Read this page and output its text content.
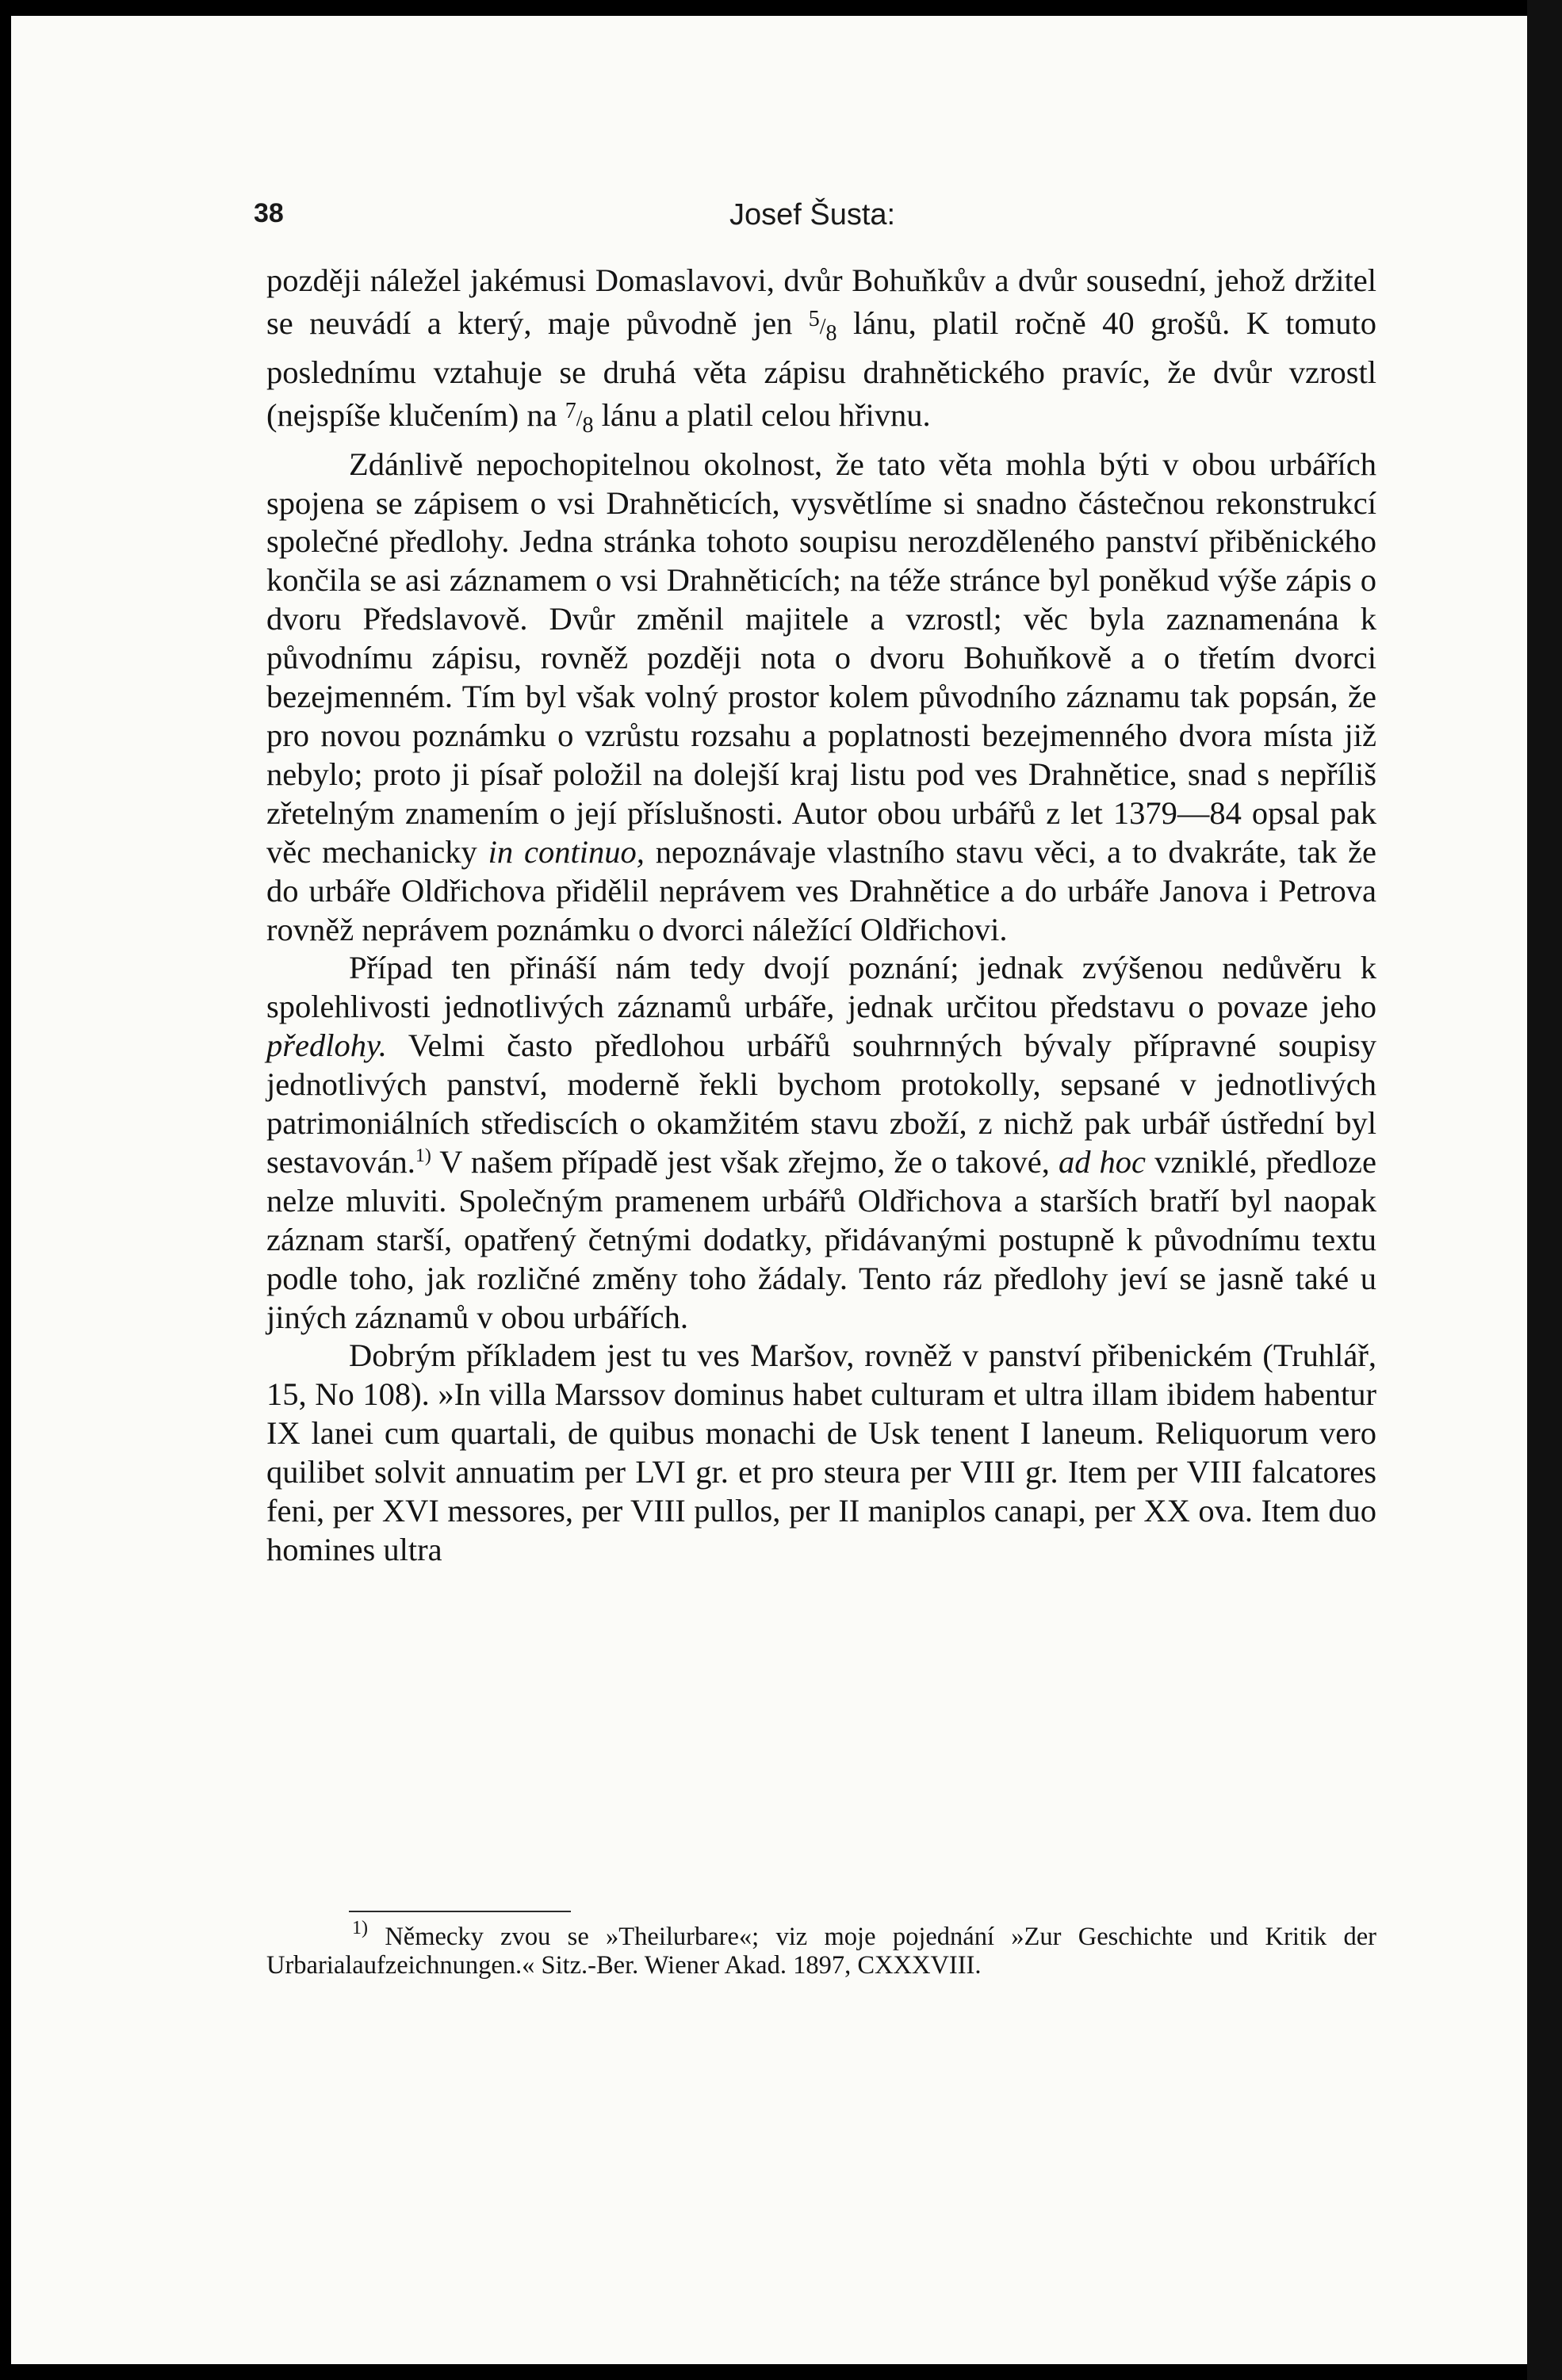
38	Josef Šusta:

později náležel jakémusi Domaslavovi, dvůr Bohuňkův a dvůr sousední, jehož držitel se neuvádí a který, maje původně jen 5/8 lánu, platil ročně 40 grošů. K tomuto poslednímu vztahuje se druhá věta zápisu drahnětického pravíc, že dvůr vzrostl (nejspíše klučením) na 7/8 lánu a platil celou hřivnu.

Zdánlivě nepochopitelnou okolnost, že tato věta mohla býti v obou urbářích spojena se zápisem o vsi Drahněticích, vysvětlíme si snadno částečnou rekonstrukcí společné předlohy. Jedna stránka tohoto soupisu nerozděleného panství přiběnického končila se asi záznamem o vsi Drahněticích; na téže stránce byl poněkud výše zápis o dvoru Předslavově. Dvůr změnil majitele a vzrostl; věc byla zaznamenána k původnímu zápisu, rovněž později nota o dvoru Bohuňkově a o třetím dvorci bezejmenném. Tím byl však volný prostor kolem původního záznamu tak popsán, že pro novou poznámku o vzrůstu rozsahu a poplatnosti bezejmenného dvora místa již nebylo; proto ji písař položil na dolejší kraj listu pod ves Drahnětice, snad s nepříliš zřetelným znamením o její příslušnosti. Autor obou urbářů z let 1379—84 opsal pak věc mechanicky in continuo, nepoznávaje vlastního stavu věci, a to dvakráte, tak že do urbáře Oldřichova přidělil neprávem ves Drahnětice a do urbáře Janova i Petrova rovněž neprávem poznámku o dvorci náležící Oldřichovi.

Případ ten přináší nám tedy dvojí poznání; jednak zvýšenou nedůvěru k spolehlivosti jednotlivých záznamů urbáře, jednak určitou představu o povaze jeho předlohy. Velmi často předlohou urbářů souhrnných bývaly přípravné soupisy jednotlivých panství, moderně řekli bychom protokolly, sepsané v jednotlivých patrimoniálních střediscích o okamžitém stavu zboží, z nichž pak urbář ústřední byl sestavován.$^{1)}$ V našem případě jest však zřejmo, že o takové, ad hoc vzniklé, předloze nelze mluviti. Společným pramenem urbářů Oldřichova a starších bratří byl naopak záznam starší, opatřený četnými dodatky, přidávanými postupně k původnímu textu podle toho, jak rozličné změny toho žádaly. Tento ráz předlohy jeví se jasně také u jiných záznamů v obou urbářích.

Dobrým příkladem jest tu ves Maršov, rovněž v panství přibenickém (Truhlář, 15, No 108). »In villa Marssov dominus habet culturam et ultra illam ibidem habentur IX lanei cum quartali, de quibus monachi de Usk tenent I laneum. Reliquorum vero quilibet solvit annuatim per LVI gr. et pro steura per VIII gr. Item per VIII falcatores feni, per XVI messores, per VIII pullos, per II maniplos canapi, per XX ova. Item duo homines ultra

$^{1)}$ Německy zvou se »Theilurbare«; viz moje pojednání »Zur Geschichte und Kritik der Urbarialaufzeichnungen.« Sitz.-Ber. Wiener Akad. 1897, CXXXVIII.
